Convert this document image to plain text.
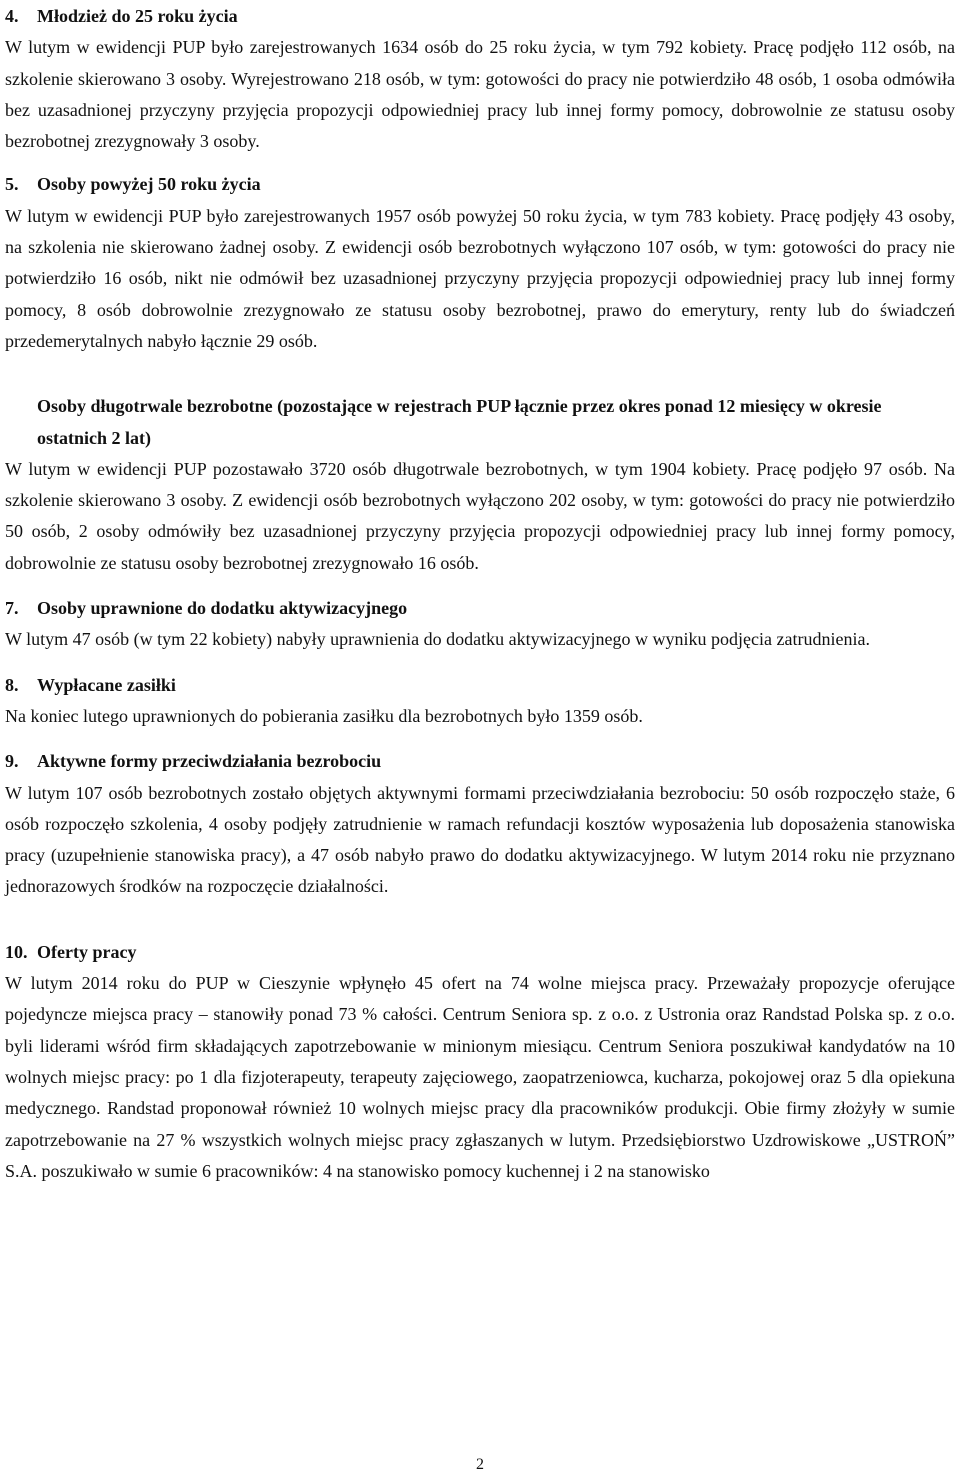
4. Młodzież do 25 roku życia

W lutym w ewidencji PUP było zarejestrowanych 1634 osób do 25 roku życia, w tym 792 kobiety. Pracę podjęło 112 osób, na szkolenie skierowano 3 osoby. Wyrejestrowano 218 osób, w tym: gotowości do pracy nie potwierdziło 48 osób, 1 osoba odmówiła bez uzasadnionej przyczyny przyjęcia propozycji odpowiedniej pracy lub innej formy pomocy, dobrowolnie ze statusu osoby bezrobotnej zrezygnowały 3 osoby.

5. Osoby powyżej 50 roku życia

W lutym w ewidencji PUP było zarejestrowanych 1957 osób powyżej 50 roku życia, w tym 783 kobiety. Pracę podjęły 43 osoby, na szkolenia nie skierowano żadnej osoby. Z ewidencji osób bezrobotnych wyłączono 107 osób, w tym: gotowości do pracy nie potwierdziło 16 osób, nikt nie odmówił bez uzasadnionej przyczyny przyjęcia propozycji odpowiedniej pracy lub innej formy pomocy, 8 osób dobrowolnie zrezygnowało ze statusu osoby bezrobotnej, prawo do emerytury, renty lub do świadczeń przedemerytalnych nabyło łącznie 29 osób.

Osoby długotrwale bezrobotne (pozostające w rejestrach PUP łącznie przez okres ponad 12 miesięcy w okresie ostatnich 2 lat)

W lutym w ewidencji PUP pozostawało 3720 osób długotrwale bezrobotnych, w tym 1904 kobiety. Pracę podjęło 97 osób. Na szkolenie skierowano 3 osoby. Z ewidencji osób bezrobotnych wyłączono 202 osoby, w tym: gotowości do pracy nie potwierdziło 50 osób, 2 osoby odmówiły bez uzasadnionej przyczyny przyjęcia propozycji odpowiedniej pracy lub innej formy pomocy, dobrowolnie ze statusu osoby bezrobotnej zrezygnowało 16 osób.

7. Osoby uprawnione do dodatku aktywizacyjnego

W lutym 47 osób (w tym 22 kobiety) nabyły uprawnienia do dodatku aktywizacyjnego w wyniku podjęcia zatrudnienia.

8. Wypłacane zasiłki

Na koniec lutego uprawnionych do pobierania zasiłku dla bezrobotnych było 1359 osób.

9. Aktywne formy przeciwdziałania bezrobociu

W lutym 107 osób bezrobotnych zostało objętych aktywnymi formami przeciwdziałania bezrobociu: 50 osób rozpoczęło staże, 6 osób rozpoczęło szkolenia, 4 osoby podjęły zatrudnienie w ramach refundacji kosztów wyposażenia lub doposażenia stanowiska pracy (uzupełnienie stanowiska pracy), a 47 osób nabyło prawo do dodatku aktywizacyjnego. W lutym 2014 roku nie przyznano jednorazowych środków na rozpoczęcie działalności.

10. Oferty pracy

W lutym 2014 roku do PUP w Cieszynie wpłynęło 45 ofert na 74 wolne miejsca pracy. Przeważały propozycje oferujące pojedyncze miejsca pracy – stanowiły ponad 73 % całości. Centrum Seniora sp. z o.o. z Ustronia oraz Randstad Polska sp. z o.o. byli liderami wśród firm składających zapotrzebowanie w minionym miesiącu. Centrum Seniora poszukiwał kandydatów na 10 wolnych miejsc pracy: po 1 dla fizjoterapeuty, terapeuty zajęciowego, zaopatrzeniowca, kucharza, pokojowej oraz 5 dla opiekuna medycznego. Randstad proponował również 10 wolnych miejsc pracy dla pracowników produkcji. Obie firmy złożyły w sumie zapotrzebowanie na 27 % wszystkich wolnych miejsc pracy zgłaszanych w lutym. Przedsiębiorstwo Uzdrowiskowe „USTROŃ” S.A. poszukiwało w sumie 6 pracowników: 4 na stanowisko pomocy kuchennej i 2 na stanowisko

2
